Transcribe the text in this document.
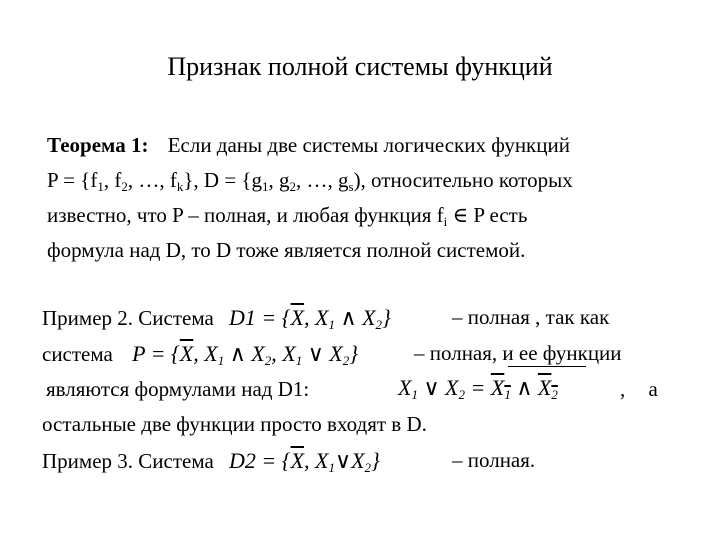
Признак полной системы функций
Теорема 1: Если даны две системы логических функций
$P = \{f_1$, $f_2$, …, $f_k$}, $D = \{g_1$, $g_2$, …, $g_s$), относительно которых
известно, что P – полная, и любая функция $f_i$ ∈ P есть
формула над D, то D тоже является полной системой.
Пример 2. Система $D1 = \{\overline{X}$, $X_1$ ∧ $X_2$}	– полная , так как
система $P = \{\overline{X}$, $X_1$ ∧ $X_2$, $X_1$ ∨ $X_2$}	– полная, и ее функции
являются формулами над D1:	$X_1$ ∨ $X_2 = X_1$ ∧ $X_2$	, а
остальные две функции просто входят в D.
Пример 3. Система $D2 = \{\overline{X}$, $X_1\vee X_2$}	– полная.
